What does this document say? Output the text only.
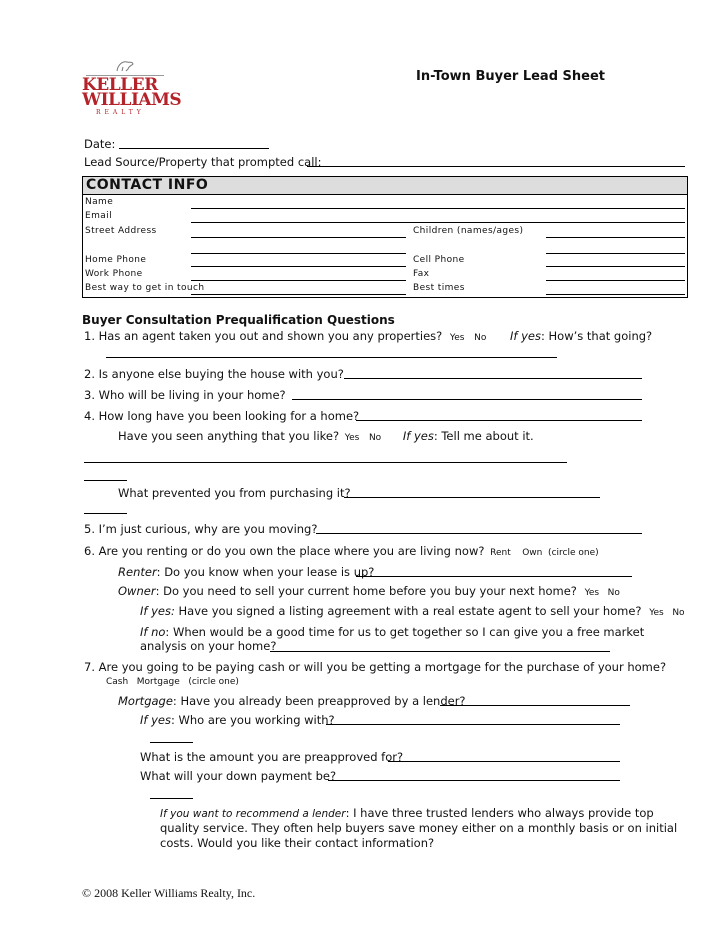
KELLER
WILLIAMS
REALTY
In-Town Buyer Lead Sheet
Date:
Lead Source/Property that prompted call:
CONTACT INFO
Name
Email
Street Address	Children (names/ages)
Home Phone	Cell Phone
Work Phone	Fax
Best way to get in touch	Best times
Buyer Consultation Prequalification Questions
1. Has an agent taken you out and shown you any properties? Yes No If yes: How’s that going?
2. Is anyone else buying the house with you?
3. Who will be living in your home?
4. How long have you been looking for a home?
Have you seen anything that you like? Yes No If yes: Tell me about it.
What prevented you from purchasing it?
5. I’m just curious, why are you moving?
6. Are you renting or do you own the place where you are living now? Rent    Own  (circle one)
Renter: Do you know when your lease is up?
Owner: Do you need to sell your current home before you buy your next home? Yes   No
If yes: Have you signed a listing agreement with a real estate agent to sell your home? Yes   No
If no: When would be a good time for us to get together so I can give you a free market
analysis on your home?
7. Are you going to be paying cash or will you be getting a mortgage for the purchase of your home?
Cash   Mortgage   (circle one)
Mortgage: Have you already been preapproved by a lender?
If yes: Who are you working with?
What is the amount you are preapproved for?
What will your down payment be?
If you want to recommend a lender: I have three trusted lenders who always provide top
quality service. They often help buyers save money either on a monthly basis or on initial
costs. Would you like their contact information?
© 2008 Keller Williams Realty, Inc.
